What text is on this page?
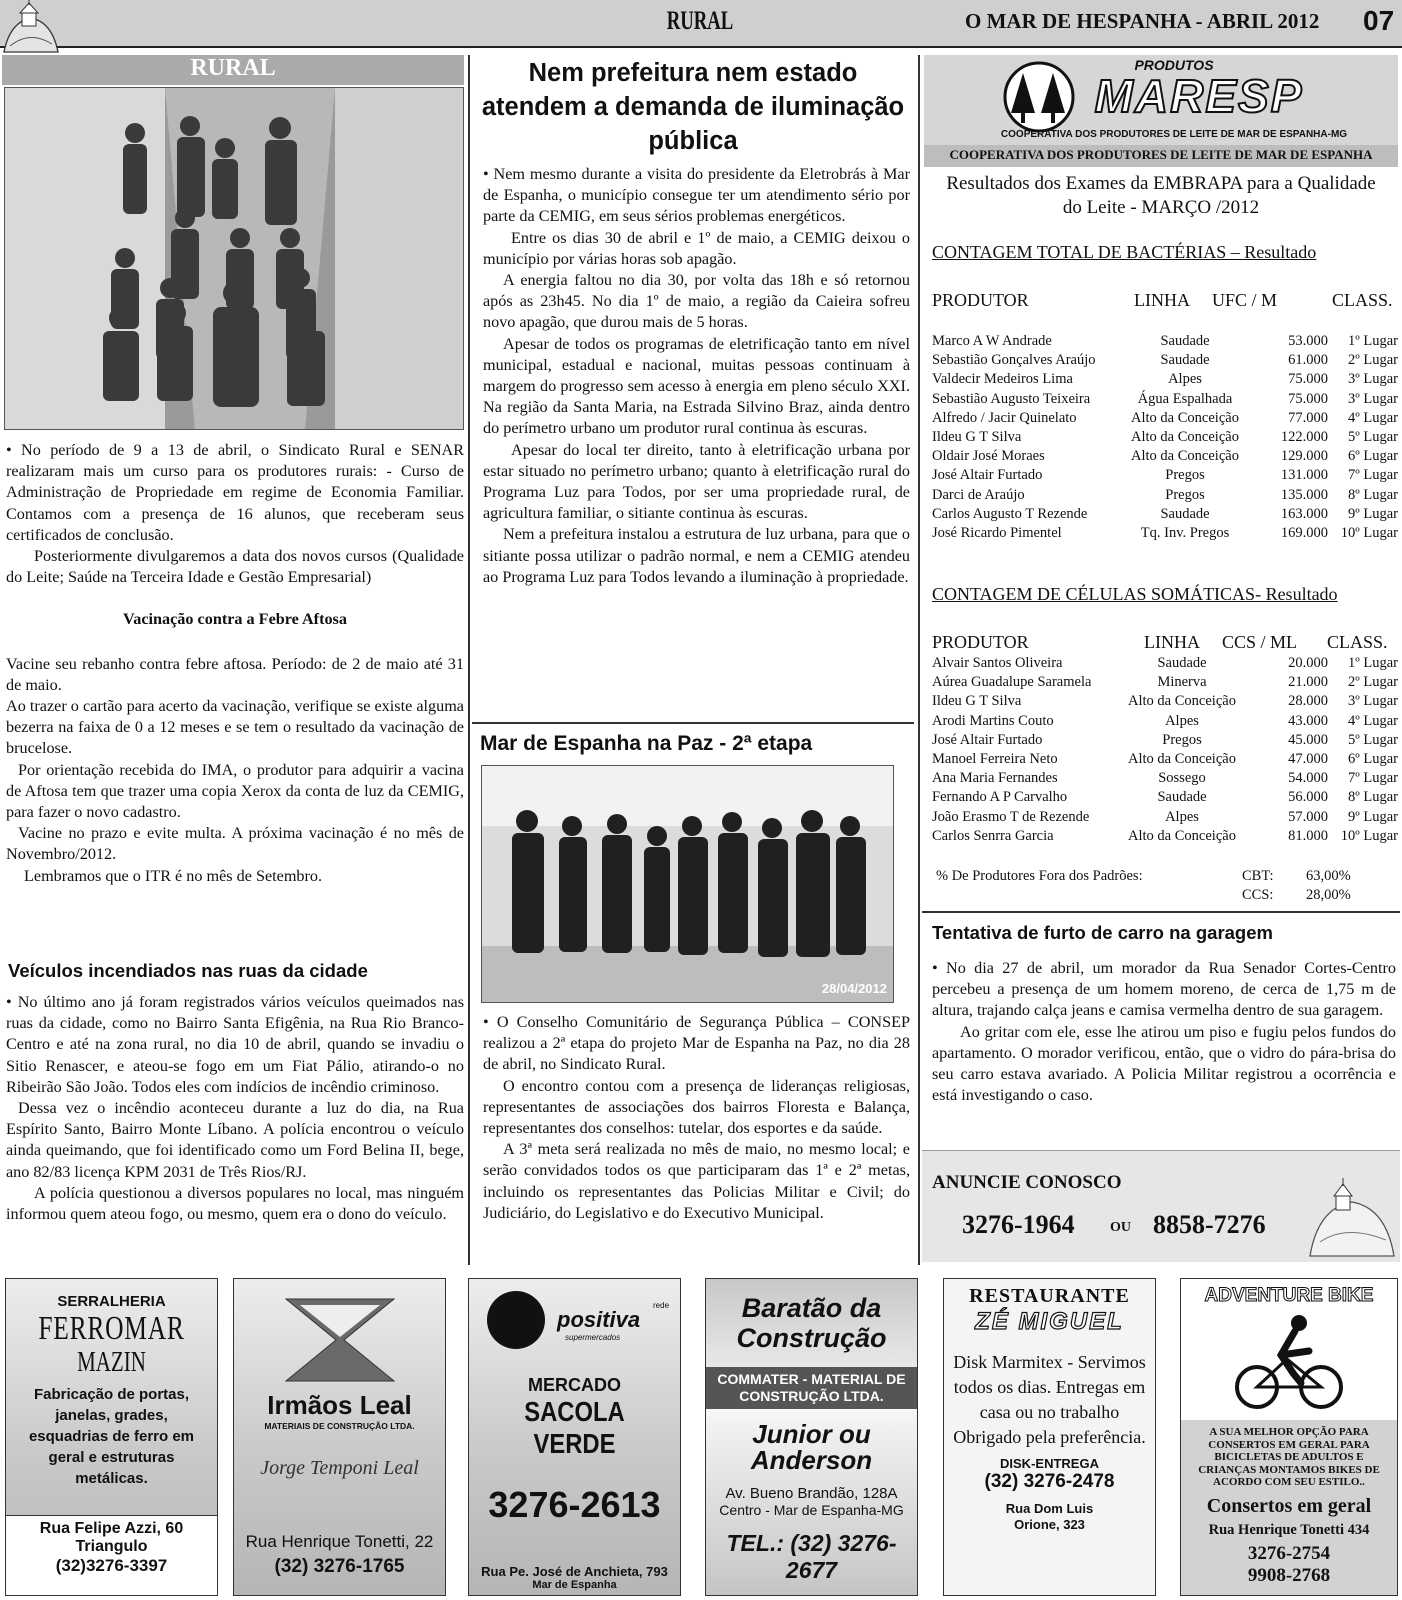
RURAL	O MAR DE HESPANHA - ABRIL 2012 07
RURAL

• No período de 9 a 13 de abril, o Sindicato Rural e SENAR realizaram mais um curso para os produtores rurais: - Curso de Administração de Propriedade em regime de Economia Familiar. Contamos com a presença de 16 alunos, que receberam seus certificados de conclusão.

Posteriormente divulgaremos a data dos novos cursos (Qualidade do Leite; Saúde na Terceira Idade e Gestão Empresarial)

Vacinação contra a Febre Aftosa

Vacine seu rebanho contra febre aftosa. Período: de 2 de maio até 31 de maio.

Ao trazer o cartão para acerto da vacinação, verifique se existe alguma bezerra na faixa de 0 a 12 meses e se tem o resultado da vacinação de brucelose.

Por orientação recebida do IMA, o produtor para adquirir a vacina de Aftosa tem que trazer uma copia Xerox da conta de luz da CEMIG, para fazer o novo cadastro.

Vacine no prazo e evite multa. A próxima vacinação é no mês de Novembro/2012.

Lembramos que o ITR é no mês de Setembro.

Veículos incendiados nas ruas da cidade

• No último ano já foram registrados vários veículos queimados nas ruas da cidade, como no Bairro Santa Efigênia, na Rua Rio Branco-Centro e até na zona rural, no dia 10 de abril, quando se invadiu o Sitio Renascer, e ateou-se fogo em um Fiat Pálio, atirando-o no Ribeirão São João. Todos eles com indícios de incêndio criminoso.

Dessa vez o incêndio aconteceu durante a luz do dia, na Rua Espírito Santo, Bairro Monte Líbano. A polícia encontrou o veículo ainda queimando, que foi identificado como um Ford Belina II, bege, ano 82/83 licença KPM 2031 de Três Rios/RJ.

A polícia questionou a diversos populares no local, mas ninguém informou quem ateou fogo, ou mesmo, quem era o dono do veículo.

Nem prefeitura nem estado atendem a demanda de iluminação pública

• Nem mesmo durante a visita do presidente da Eletrobrás à Mar de Espanha, o município consegue ter um atendimento sério por parte da CEMIG, em seus sérios problemas energéticos.

Entre os dias 30 de abril e 1º de maio, a CEMIG deixou o município por várias horas sob apagão.

A energia faltou no dia 30, por volta das 18h e só retornou após as 23h45. No dia 1º de maio, a região da Caieira sofreu novo apagão, que durou mais de 5 horas.

Apesar de todos os programas de eletrificação tanto em nível municipal, estadual e nacional, muitas pessoas continuam à margem do progresso sem acesso à energia em pleno século XXI. Na região da Santa Maria, na Estrada Silvino Braz, ainda dentro do perímetro urbano um produtor rural continua às escuras.

Apesar do local ter direito, tanto à eletrificação urbana por estar situado no perímetro urbano; quanto à eletrificação rural do Programa Luz para Todos, por ser uma propriedade rural, de agricultura familiar, o sitiante continua às escuras.

Nem a prefeitura instalou a estrutura de luz urbana, para que o sitiante possa utilizar o padrão normal, e nem a CEMIG atendeu ao Programa Luz para Todos levando a iluminação à propriedade.

Mar de Espanha na Paz - 2ª etapa
28/04/2012

• O Conselho Comunitário de Segurança Pública – CONSEP realizou a 2ª etapa do projeto Mar de Espanha na Paz, no dia 28 de abril, no Sindicato Rural.

O encontro contou com a presença de lideranças religiosas, representantes de associações dos bairros Floresta e Balança, representantes dos conselhos: tutelar, dos esportes e da saúde.

A 3ª meta será realizada no mês de maio, no mesmo local; e serão convidados todos os que participaram das 1ª e 2ª metas, incluindo os representantes das Policias Militar e Civil; do Judiciário, do Legislativo e do Executivo Municipal.

PRODUTOS
MARESP
COOPERATIVA DOS PRODUTORES DE LEITE DE MAR DE ESPANHA-MG
COOPERATIVA DOS PRODUTORES DE LEITE DE MAR DE ESPANHA
Resultados dos Exames da EMBRAPA para a Qualidade do Leite - MARÇO /2012
CONTAGEM TOTAL DE BACTÉRIAS – Resultado
PRODUTOR	LINHA UFC / M	CLASS.
Marco A W Andrade	Saudade	53.000	1º Lugar
Sebastião Gonçalves Araújo	Saudade	61.000	2º Lugar
Valdecir Medeiros Lima	Alpes	75.000	3º Lugar
Sebastião Augusto Teixeira	Água Espalhada	75.000	3º Lugar
Alfredo / Jacir Quinelato	Alto da Conceição	77.000	4º Lugar
Ildeu G T Silva	Alto da Conceição	122.000	5º Lugar
Oldair José Moraes	Alto da Conceição	129.000	6º Lugar
José Altair Furtado	Pregos	131.000	7º Lugar
Darci de Araújo	Pregos	135.000	8º Lugar
Carlos Augusto T Rezende	Saudade	163.000	9º Lugar
José Ricardo Pimentel	Tq. Inv. Pregos	169.000	10º Lugar
CONTAGEM DE CÉLULAS SOMÁTICAS- Resultado
PRODUTOR	LINHA CCS / ML CLASS.
Alvair Santos Oliveira	Saudade	20.000	1º Lugar
Aúrea Guadalupe Saramela	Minerva	21.000	2º Lugar
Ildeu G T Silva	Alto da Conceição	28.000	3º Lugar
Arodi Martins Couto	Alpes	43.000	4º Lugar
José Altair Furtado	Pregos	45.000	5º Lugar
Manoel Ferreira Neto	Alto da Conceição	47.000	6º Lugar
Ana Maria Fernandes	Sossego	54.000	7º Lugar
Fernando A P Carvalho	Saudade	56.000	8º Lugar
João Erasmo T de Rezende	Alpes	57.000	9º Lugar
Carlos Senrra Garcia	Alto da Conceição	81.000	10º Lugar
% De Produtores Fora dos Padrões:	CBT: 63,00%
CCS: 28,00%
Tentativa de furto de carro na garagem

• No dia 27 de abril, um morador da Rua Senador Cortes-Centro percebeu a presença de um homem moreno, de cerca de 1,75 m de altura, trajando calça jeans e camisa vermelha dentro de sua garagem.

Ao gritar com ele, esse lhe atirou um piso e fugiu pelos fundos do apartamento. O morador verificou, então, que o vidro do pára-brisa do seu carro estava avariado. A Policia Militar registrou a ocorrência e está investigando o caso.

ANUNCIE CONOSCO
3276-1964	OU 8858-7276
SERRALHERIA
FERROMAR
MAZIN
Fabricação de portas, janelas, grades, esquadrias de ferro em geral e estruturas metálicas.
Rua Felipe Azzi, 60
Triangulo
(32)3276-3397
Irmãos Leal
MATERIAIS DE CONSTRUÇÃO LTDA.
Jorge Temponi Leal
Rua Henrique Tonetti, 22
(32) 3276-1765
positiva
rede
supermercados
MERCADO
SACOLA VERDE
3276-2613
Rua Pe. José de Anchieta, 793
Mar de Espanha
Baratão da
Construção
COMMATER - MATERIAL DE CONSTRUÇÃO LTDA.
Junior ou Anderson
Av. Bueno Brandão, 128A
Centro - Mar de Espanha-MG
TEL.: (32) 3276-2677
RESTAURANTE
ZÉ MIGUEL
Disk Marmitex - Servimos todos os dias. Entregas em casa ou no trabalho Obrigado pela preferência.
DISK-ENTREGA
(32) 3276-2478
Rua Dom Luis Orione, 323
ADVENTURE BIKE
A SUA MELHOR OPÇÃO PARA CONSERTOS EM GERAL PARA BICICLETAS DE ADULTOS E CRIANÇAS MONTAMOS BIKES DE ACORDO COM SEU ESTILO..
Consertos em geral
Rua Henrique Tonetti 434
3276-2754
9908-2768
